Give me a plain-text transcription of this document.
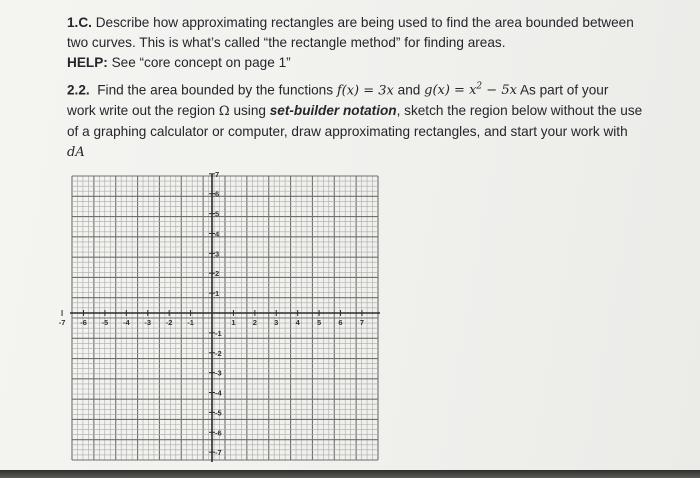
1.C. Describe how approximating rectangles are being used to find the area bounded between
two curves. This is what’s called “the rectangle method” for finding areas.
HELP: See “core concept on page 1”

2.2. Find the area bounded by the functions f(x) = 3x and $g(x) = x^2 - 5x$ As part of your
work write out the region Ω using set-builder notation, sketch the region below without the use
of a graphing calculator or computer, draw approximating rectangles, and start your work with
dA

-7 -6 -5 -4 -3 -2 -1	1 2 3 4 5 6 7
7
6
5
4
3
2
1
-1
-2
-3
-4
-5
-6
-7
